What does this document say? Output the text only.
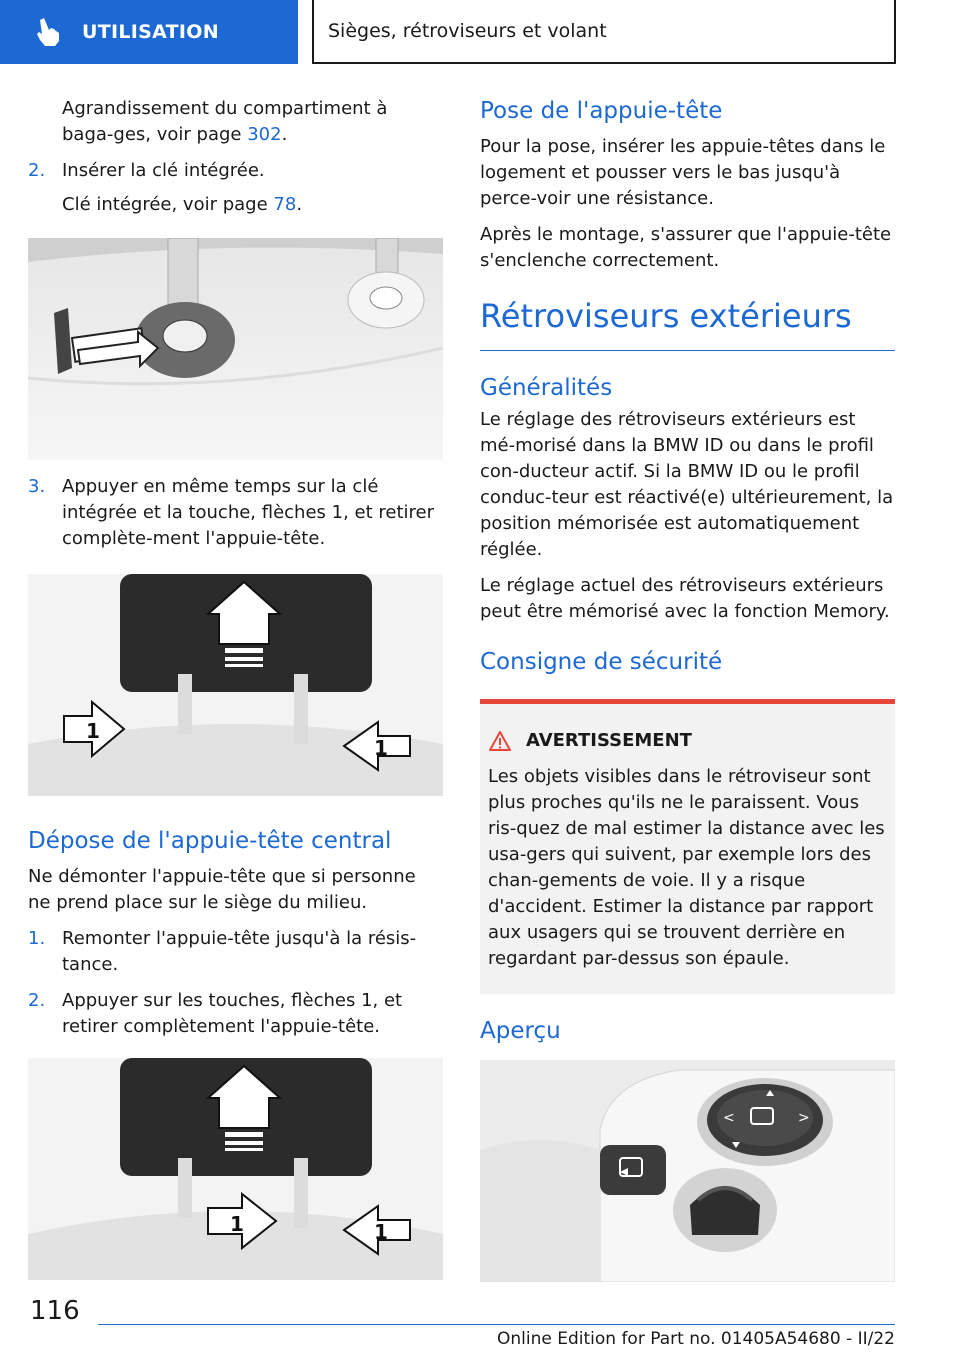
UTILISATION	Sièges, rétroviseurs et volant

Agrandissement du compartiment à baga-ges, voir page 302.

2. Insérer la clé intégrée.

Clé intégrée, voir page 78.

3. Appuyer en même temps sur la clé intégrée et la touche, flèches 1, et retirer complète-ment l'appuie-tête.
1
1
Dépose de l'appuie-tête central

Ne démonter l'appuie-tête que si personne ne prend place sur le siège du milieu.

1. Remonter l'appuie-tête jusqu'à la résis-tance.
2. Appuyer sur les touches, flèches 1, et retirer complètement l'appuie-tête.
1	1
Pose de l'appuie-tête

Pour la pose, insérer les appuie-têtes dans le logement et pousser vers le bas jusqu'à perce-voir une résistance.

Après le montage, s'assurer que l'appuie-tête s'enclenche correctement.

Rétroviseurs extérieurs
Généralités

Le réglage des rétroviseurs extérieurs est mé-morisé dans la BMW ID ou dans le profil con-ducteur actif. Si la BMW ID ou le profil conduc-teur est réactivé(e) ultérieurement, la position mémorisée est automatiquement réglée.

Le réglage actuel des rétroviseurs extérieurs peut être mémorisé avec la fonction Memory.

Consigne de sécurité
AVERTISSEMENT

Les objets visibles dans le rétroviseur sont plus proches qu'ils ne le paraissent. Vous ris-quez de mal estimer la distance avec les usa-gers qui suivent, par exemple lors des chan-gements de voie. Il y a risque d'accident. Estimer la distance par rapport aux usagers qui se trouvent derrière en regardant par-dessus son épaule.

Aperçu
<	>
116
Online Edition for Part no. 01405A54680 - II/22
